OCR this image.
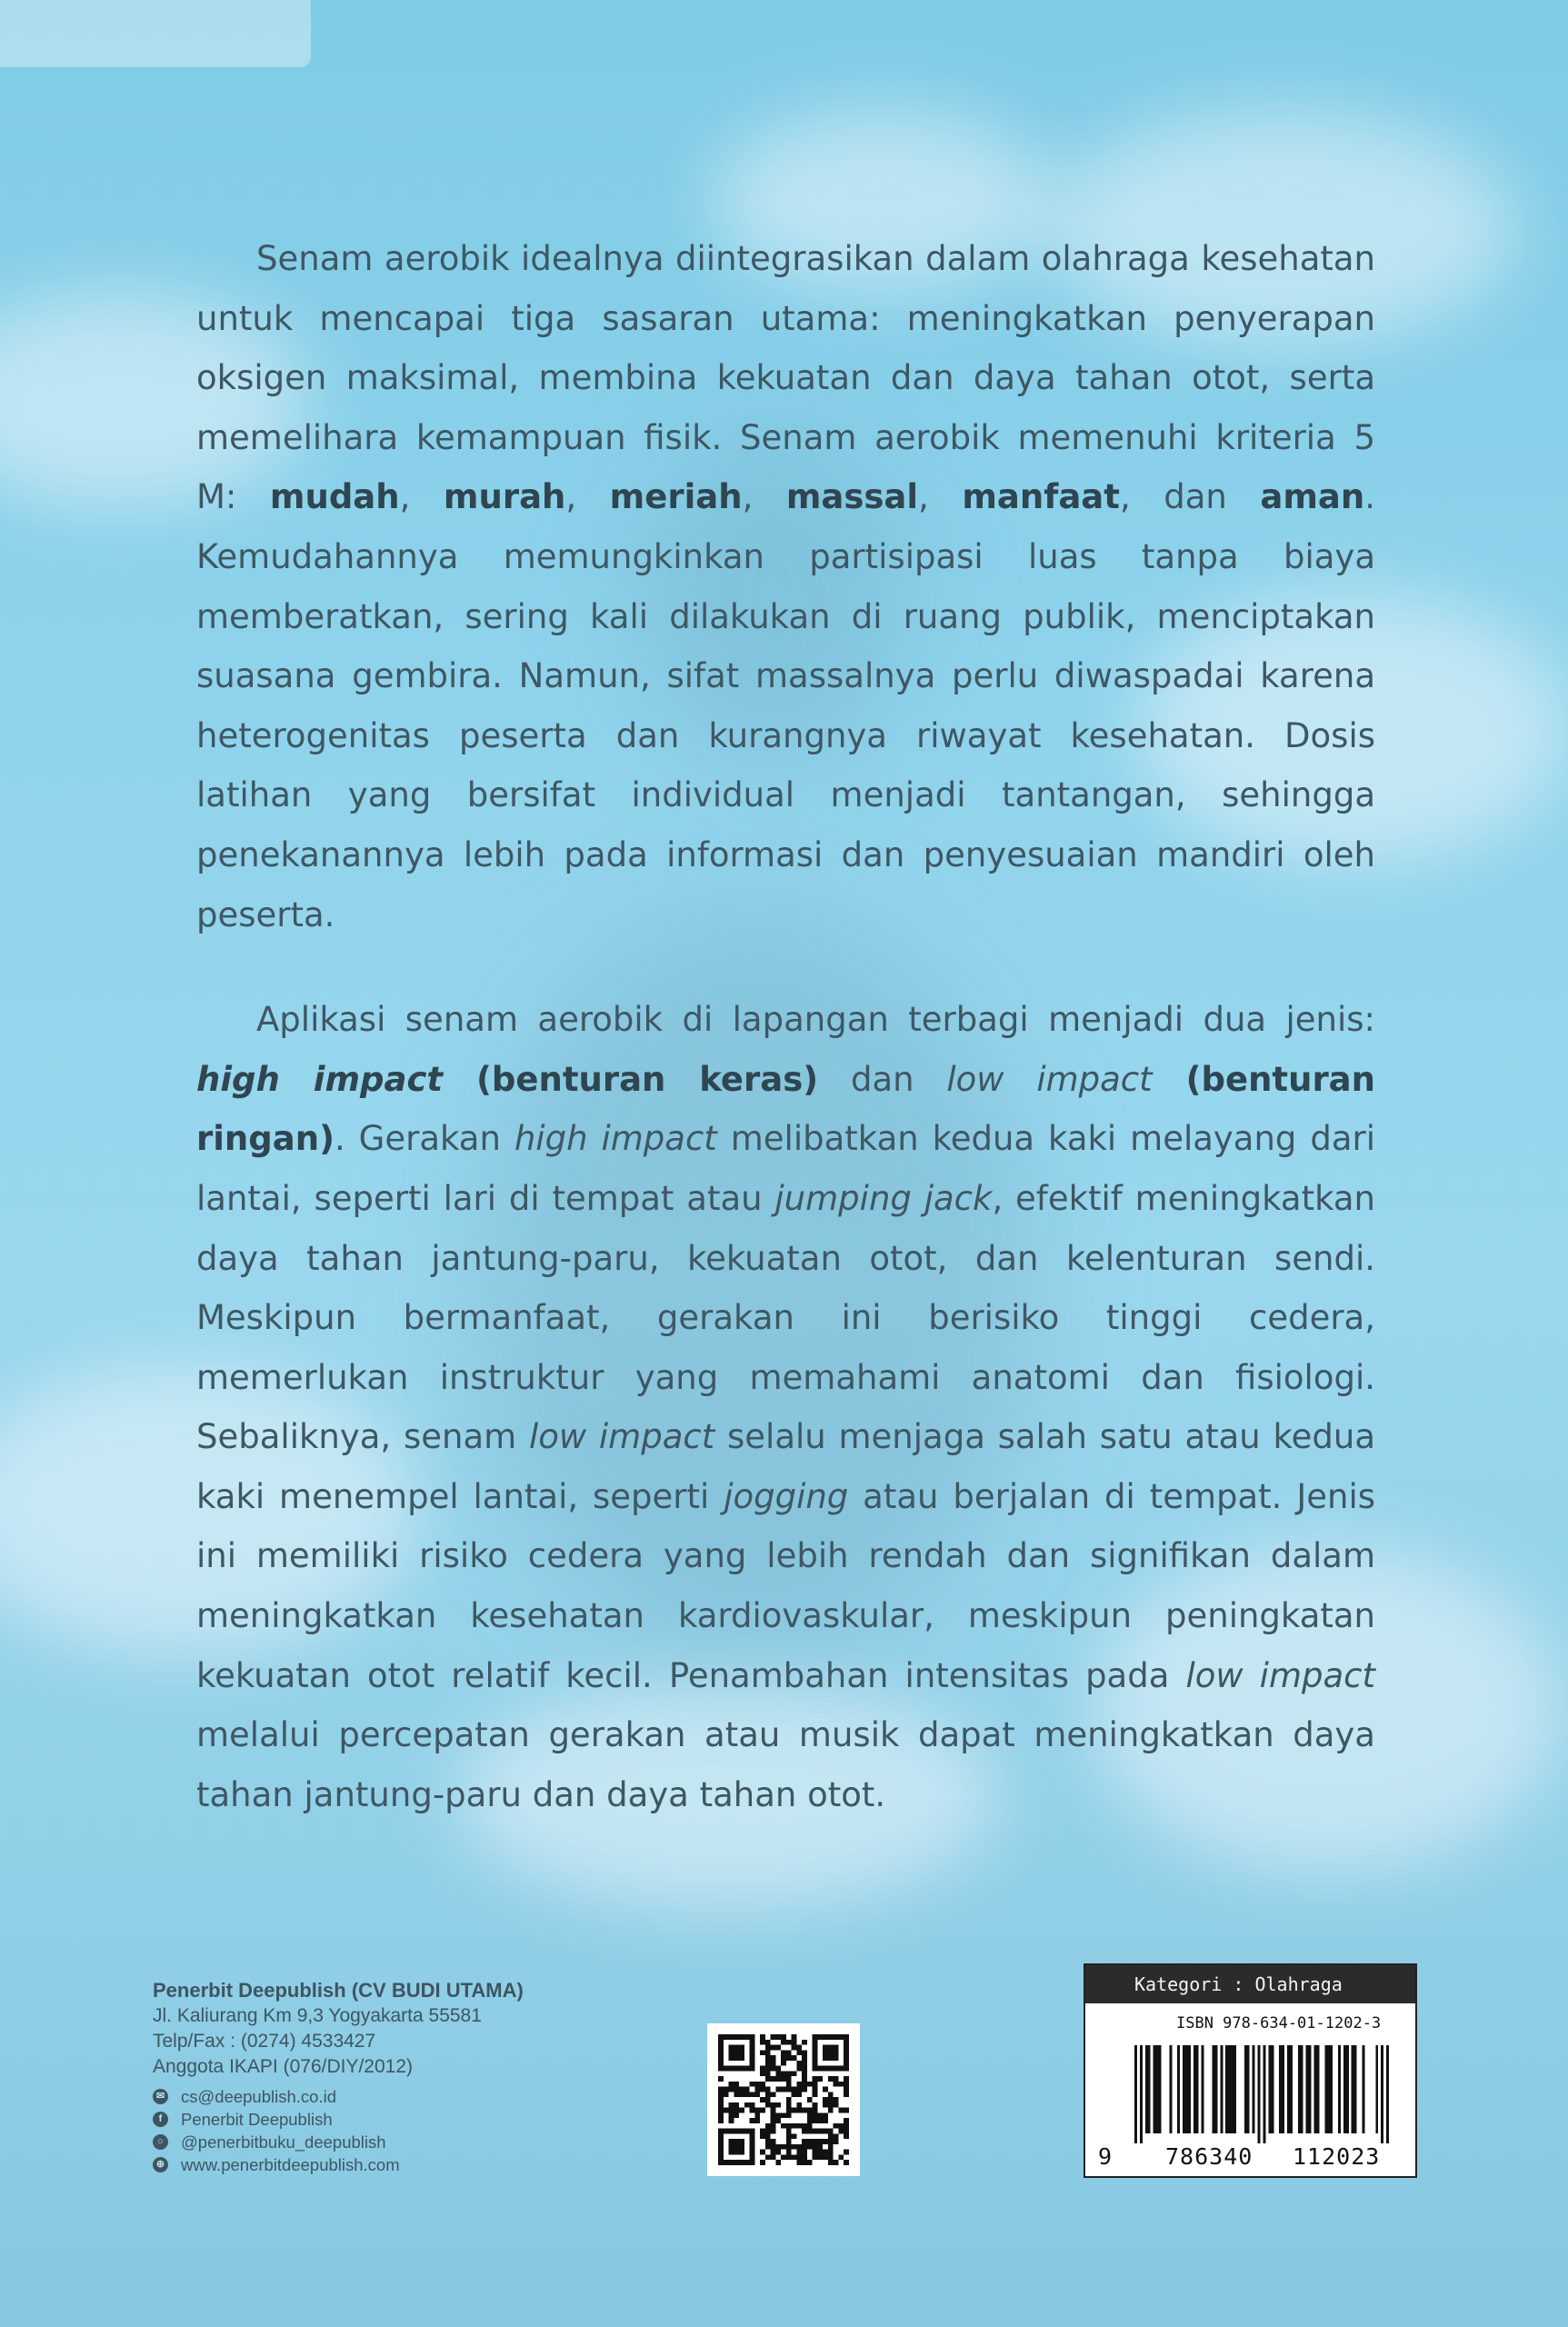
Senam aerobik idealnya diintegrasikan dalam olahraga kesehatan untuk mencapai tiga sasaran utama: meningkatkan penyerapan oksigen maksimal, membina kekuatan dan daya tahan otot, serta memelihara kemampuan fisik. Senam aerobik memenuhi kriteria 5 M: mudah, murah, meriah, massal, manfaat, dan aman. Kemudahannya memungkinkan partisipasi luas tanpa biaya memberatkan, sering kali dilakukan di ruang publik, menciptakan suasana gembira. Namun, sifat massalnya perlu diwaspadai karena heterogenitas peserta dan kurangnya riwayat kesehatan. Dosis latihan yang bersifat individual menjadi tantangan, sehingga penekanannya lebih pada informasi dan penyesuaian mandiri oleh peserta.

Aplikasi senam aerobik di lapangan terbagi menjadi dua jenis: high impact (benturan keras) dan low impact (benturan ringan). Gerakan high impact melibatkan kedua kaki melayang dari lantai, seperti lari di tempat atau jumping jack, efektif meningkatkan daya tahan jantung-paru, kekuatan otot, dan kelenturan sendi. Meskipun bermanfaat, gerakan ini berisiko tinggi cedera, memerlukan instruktur yang memahami anatomi dan fisiologi. Sebaliknya, senam low impact selalu menjaga salah satu atau kedua kaki menempel lantai, seperti jogging atau berjalan di tempat. Jenis ini memiliki risiko cedera yang lebih rendah dan signifikan dalam meningkatkan kesehatan kardiovaskular, meskipun peningkatan kekuatan otot relatif kecil. Penambahan intensitas pada low impact melalui percepatan gerakan atau musik dapat meningkatkan daya tahan jantung-paru dan daya tahan otot.

Penerbit Deepublish (CV BUDI UTAMA)
Jl. Kaliurang Km 9,3 Yogyakarta 55581
Telp/Fax : (0274) 4533427
Anggota IKAPI (076/DIY/2012)
✉ cs@deepublish.co.id
f	Penerbit Deepublish
○ @penerbitbuku_deepublish
⊕ www.penerbitdeepublish.com
Kategori : Olahraga
ISBN 978-634-01-1202-3
9 786340 112023
